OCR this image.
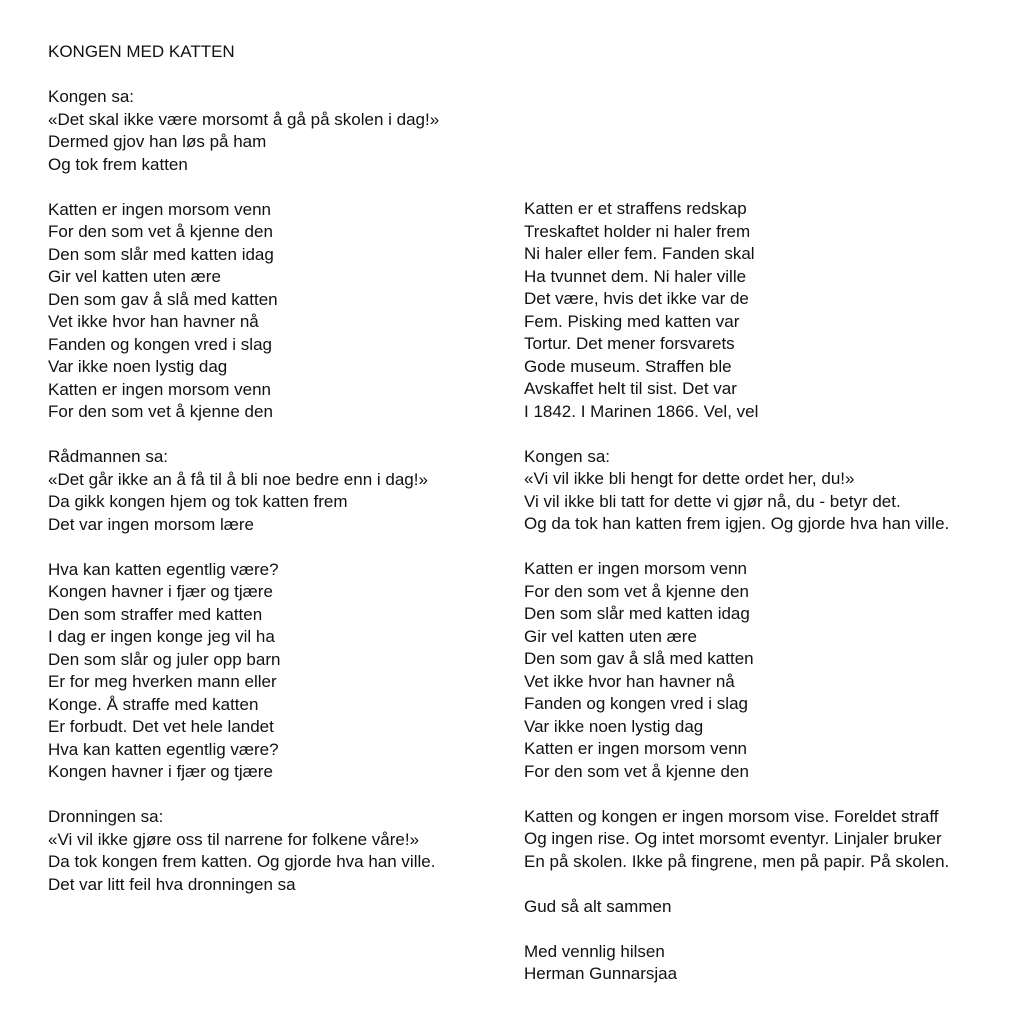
KONGEN MED KATTEN
Kongen sa:
«Det skal ikke være morsomt å gå på skolen i dag!»
Dermed gjov han løs på ham
Og tok frem katten
Katten er ingen morsom venn
For den som vet å kjenne den
Den som slår med katten idag
Gir vel katten uten ære
Den som gav å slå med katten
Vet ikke hvor han havner nå
Fanden og kongen vred i slag
Var ikke noen lystig dag
Katten er ingen morsom venn
For den som vet å kjenne den
Rådmannen sa:
«Det går ikke an å få til å bli noe bedre enn i dag!»
Da gikk kongen hjem og tok katten frem
Det var ingen morsom lære
Hva kan katten egentlig være?
Kongen havner i fjær og tjære
Den som straffer med katten
I dag er ingen konge jeg vil ha
Den som slår og juler opp barn
Er for meg hverken mann eller
Konge. Å straffe med katten
Er forbudt. Det vet hele landet
Hva kan katten egentlig være?
Kongen havner i fjær og tjære
Dronningen sa:
«Vi vil ikke gjøre oss til narrene for folkene våre!»
Da tok kongen frem katten. Og gjorde hva han ville.
Det var litt feil hva dronningen sa
Katten er et straffens redskap
Treskaftet holder ni haler frem
Ni haler eller fem. Fanden skal
Ha tvunnet dem. Ni haler ville
Det være, hvis det ikke var de
Fem. Pisking med katten var
Tortur. Det mener forsvarets
Gode museum. Straffen ble
Avskaffet helt til sist. Det var
I 1842. I Marinen 1866. Vel, vel
Kongen sa:
«Vi vil ikke bli hengt for dette ordet her, du!»
Vi vil ikke bli tatt for dette vi gjør nå, du - betyr det.
Og da tok han katten frem igjen. Og gjorde hva han ville.
Katten er ingen morsom venn
For den som vet å kjenne den
Den som slår med katten idag
Gir vel katten uten ære
Den som gav å slå med katten
Vet ikke hvor han havner nå
Fanden og kongen vred i slag
Var ikke noen lystig dag
Katten er ingen morsom venn
For den som vet å kjenne den
Katten og kongen er ingen morsom vise. Foreldet straff
Og ingen rise. Og intet morsomt eventyr. Linjaler bruker
En på skolen. Ikke på fingrene, men på papir. På skolen.
Gud så alt sammen
Med vennlig hilsen
Herman Gunnarsjaa
